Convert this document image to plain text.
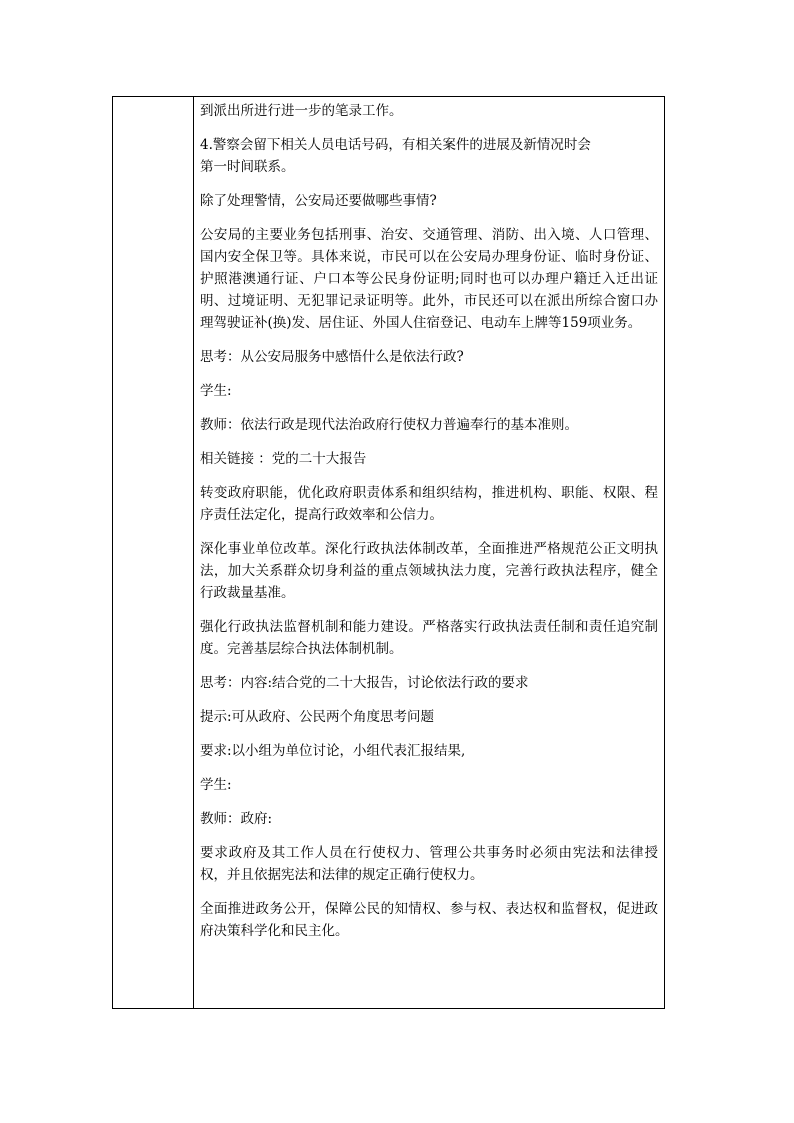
到派出所进行进一步的笔录工作。

4.警察会留下相关人员电话号码，有相关案件的进展及新情况时会
第一时间联系。

除了处理警情，公安局还要做哪些事情?

公安局的主要业务包括刑事、治安、交通管理、消防、出入境、人口管理、国内安全保卫等。具体来说，市民可以在公安局办理身份证、临时身份证、护照港澳通行证、户口本等公民身份证明;同时也可以办理户籍迁入迁出证明、过境证明、无犯罪记录证明等。此外，市民还可以在派出所综合窗口办理驾驶证补(换)发、居住证、外国人住宿登记、电动车上牌等159项业务。

思考：从公安局服务中感悟什么是依法行政?

学生:

教师：依法行政是现代法治政府行使权力普遍奉行的基本准则。

相关链接 ：党的二十大报告

转变政府职能，优化政府职责体系和组织结构，推进机构、职能、权限、程序责任法定化，提高行政效率和公信力。

深化事业单位改革。深化行政执法体制改革，全面推进严格规范公正文明执法，加大关系群众切身利益的重点领域执法力度，完善行政执法程序，健全行政裁量基准。

强化行政执法监督机制和能力建设。严格落实行政执法责任制和责任追究制度。完善基层综合执法体制机制。

思考：内容:结合党的二十大报告，讨论依法行政的要求

提示:可从政府、公民两个角度思考问题

要求:以小组为单位讨论，小组代表汇报结果,

学生:

教师：政府:

要求政府及其工作人员在行使权力、管理公共事务时必须由宪法和法律授权，并且依据宪法和法律的规定正确行使权力。

全面推进政务公开，保障公民的知情权、参与权、表达权和监督权，促进政府决策科学化和民主化。
